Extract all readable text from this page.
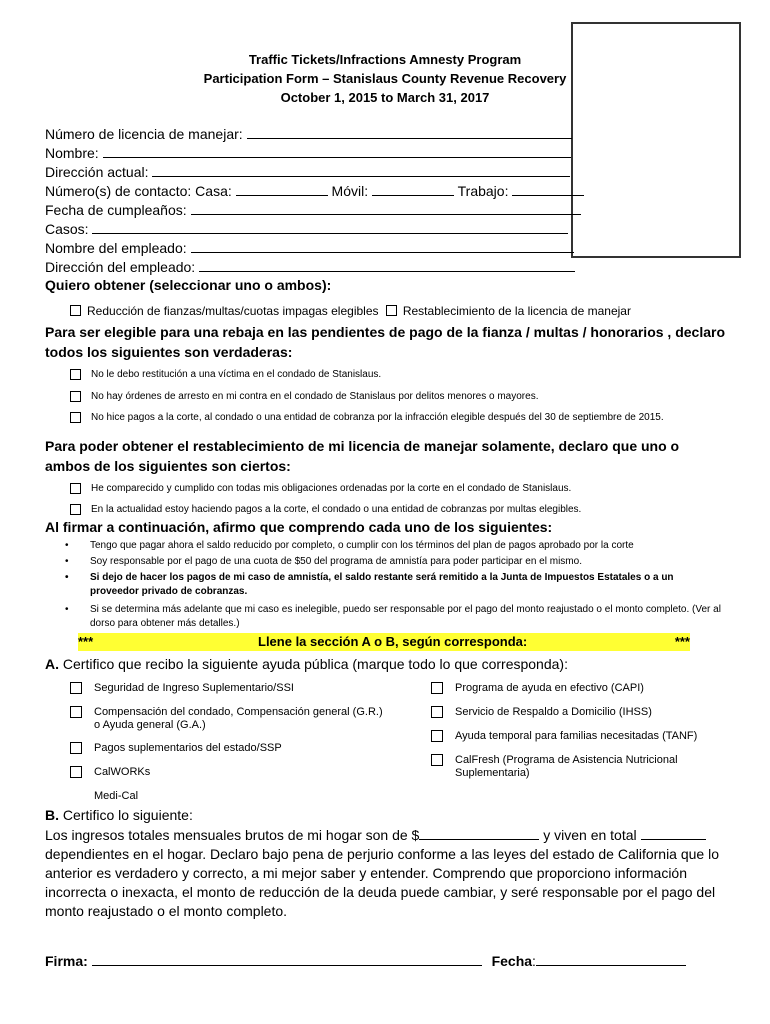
Traffic Tickets/Infractions Amnesty Program
Participation Form – Stanislaus County Revenue Recovery
October 1, 2015 to March 31, 2017
Número de licencia de manejar:
Nombre:
Dirección actual:
Número(s) de contacto: Casa:	Móvil:	Trabajo:
Fecha de cumpleaños:
Casos:
Nombre del empleado:
Dirección del empleado:
Quiero obtener (seleccionar uno o ambos):
Reducción de fianzas/multas/cuotas impagas elegibles Restablecimiento de la licencia de manejar
Para ser elegible para una rebaja en las pendientes de pago de la fianza / multas / honorarios , declaro todos los siguientes son verdaderas:
No le debo restitución a una víctima en el condado de Stanislaus.
No hay órdenes de arresto en mi contra en el condado de Stanislaus por delitos menores o mayores.
No hice pagos a la corte, al condado o una entidad de cobranza por la infracción elegible después del 30 de septiembre de 2015.
Para poder obtener el restablecimiento de mi licencia de manejar solamente, declaro que uno o ambos de los siguientes son ciertos:
He comparecido y cumplido con todas mis obligaciones ordenadas por la corte en el condado de Stanislaus.
En la actualidad estoy haciendo pagos a la corte, el condado o una entidad de cobranzas por multas elegibles.
Al firmar a continuación, afirmo que comprendo cada uno de los siguientes:
•	Tengo que pagar ahora el saldo reducido por completo, o cumplir con los términos del plan de pagos aprobado por la corte
•	Soy responsable por el pago de una cuota de $50 del programa de amnistía para poder participar en el mismo.
•	Si dejo de hacer los pagos de mi caso de amnistía, el saldo restante será remitido a la Junta de Impuestos Estatales o a un proveedor privado de cobranzas.
•	Si se determina más adelante que mi caso es inelegible, puedo ser responsable por el pago del monto reajustado o el monto completo. (Ver al dorso para obtener más detalles.)
***	Llene la sección A o B, según corresponda:	***
A. Certifico que recibo la siguiente ayuda pública (marque todo lo que corresponda):
Seguridad de Ingreso Suplementario/SSI
Compensación del condado, Compensación general (G.R.) o Ayuda general (G.A.)
Pagos suplementarios del estado/SSP
CalWORKs
Medi-Cal
Programa de ayuda en efectivo (CAPI)
Servicio de Respaldo a Domicilio (IHSS)
Ayuda temporal para familias necesitadas (TANF)
CalFresh (Programa de Asistencia Nutricional Suplementaria)
B. Certifico lo siguiente:
Los ingresos totales mensuales brutos de mi hogar son de $	y viven en total  dependientes en el hogar. Declaro bajo pena de perjurio conforme a las leyes del estado de California que lo anterior es verdadero y correcto, a mi mejor saber y entender. Comprendo que proporciono información incorrecta o inexacta, el monto de reducción de la deuda puede cambiar, y seré responsable por el pago del monto reajustado o el monto completo.
Firma:	Fecha:
